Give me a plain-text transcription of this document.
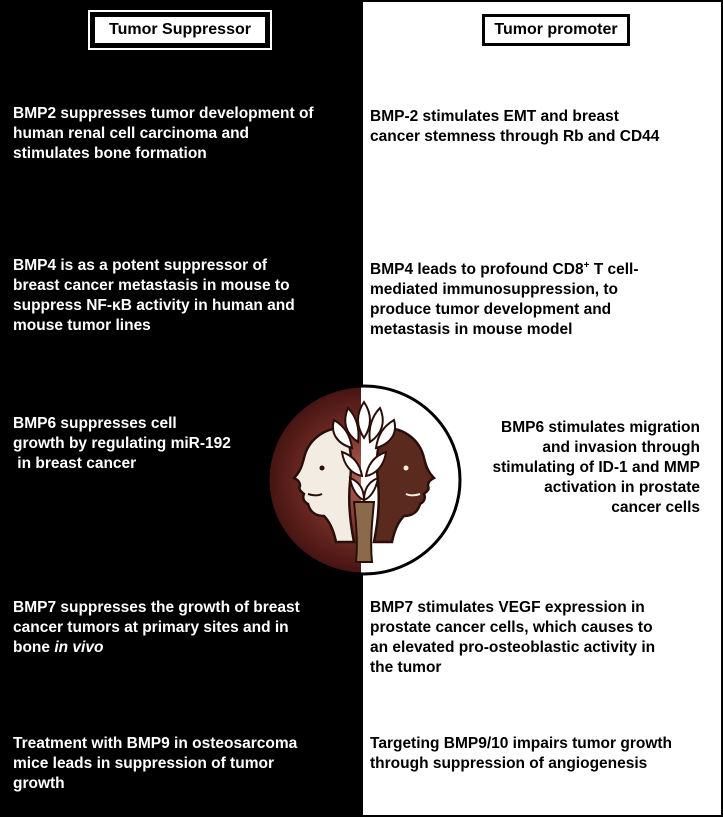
Tumor Suppressor	Tumor promoter
BMP2 suppresses tumor development of
human renal cell carcinoma and
stimulates bone formation
BMP4 is as a potent suppressor of
breast cancer metastasis in mouse to
suppress NF-κB activity in human and
mouse tumor lines
BMP6 suppresses cell
growth by regulating miR-192
in breast cancer
BMP7 suppresses the growth of breast
cancer tumors at primary sites and in
bone in vivo
Treatment with BMP9 in osteosarcoma
mice leads in suppression of tumor
growth
BMP-2 stimulates EMT and breast
cancer stemness through Rb and CD44
BMP4 leads to profound CD8+ T cell-
mediated immunosuppression, to
produce tumor development and
metastasis in mouse model
BMP6 stimulates migration
and invasion through
stimulating of ID-1 and MMP
activation in prostate
cancer cells
BMP7 stimulates VEGF expression in
prostate cancer cells, which causes to
an elevated pro-osteoblastic activity in
the tumor
Targeting BMP9/10 impairs tumor growth
through suppression of angiogenesis
